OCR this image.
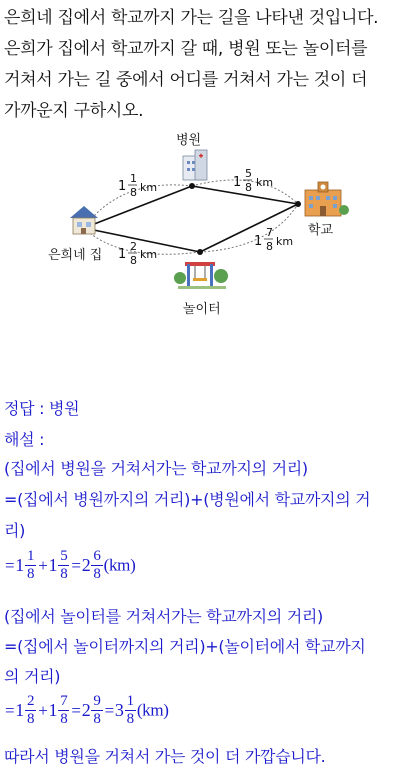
은희네 집에서 학교까지 가는 길을 나타낸 것입니다.
은희가 집에서 학교까지 갈 때, 병원 또는 놀이터를
거쳐서 가는 길 중에서 어디를 거쳐서 가는 것이 더
가까운지 구하시오.
병원
학교
은희네 집
놀이터
1
1
8 km	1
5
8 km
1
2
8 km
1
7
8 km
정답 : 병원
해설 :
(집에서 병원을 거쳐서가는 학교까지의 거리)
=(집에서 병원까지의 거리)+(병원에서 학교까지의 거
리)
$=1 \frac{1}{8} +1 \frac{5}{8} =2 \frac{6}{8} (km)$
(집에서 놀이터를 거쳐서가는 학교까지의 거리)
=(집에서 놀이터까지의 거리)+(놀이터에서 학교까지
의 거리)
$=1 \frac{2}{8} +1 \frac{7}{8} =2 \frac{9}{8} =3 \frac{1}{8} (km)$
따라서 병원을 거쳐서 가는 것이 더 가깝습니다.
